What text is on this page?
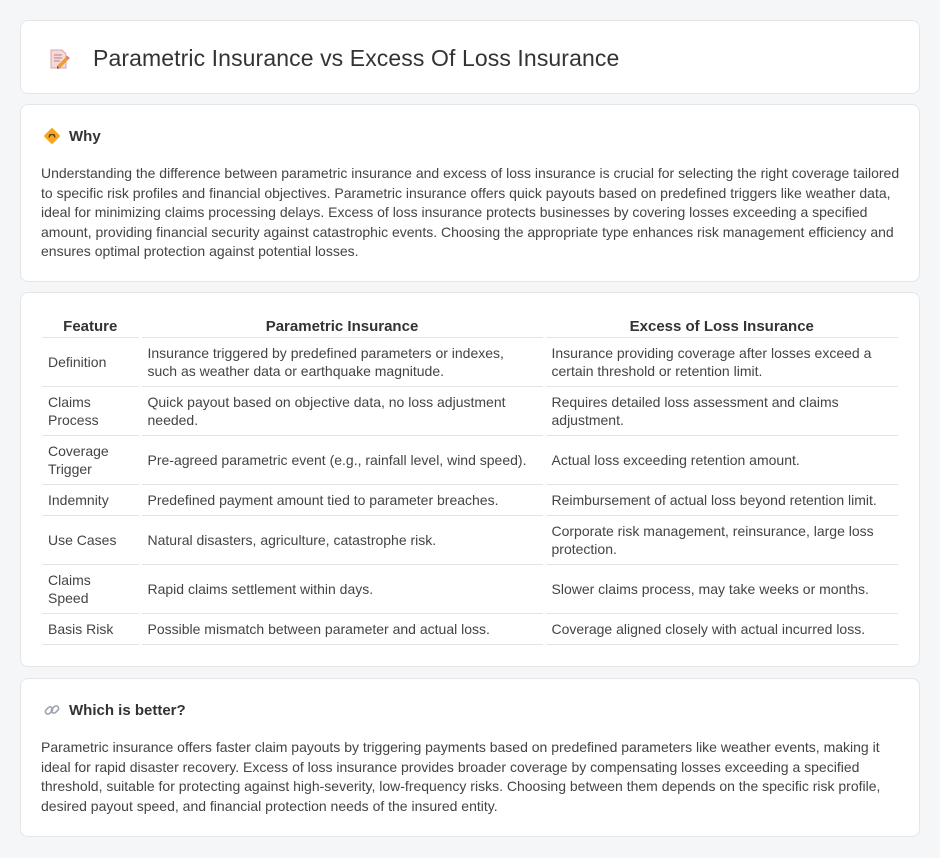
Parametric Insurance vs Excess Of Loss Insurance
Why

Understanding the difference between parametric insurance and excess of loss insurance is crucial for selecting the right coverage tailored to specific risk profiles and financial objectives. Parametric insurance offers quick payouts based on predefined triggers like weather data, ideal for minimizing claims processing delays. Excess of loss insurance protects businesses by covering losses exceeding a specified amount, providing financial security against catastrophic events. Choosing the appropriate type enhances risk management efficiency and ensures optimal protection against potential losses.

Feature	Parametric Insurance	Excess of Loss Insurance
Definition	Insurance triggered by predefined parameters or indexes, such as weather data or earthquake magnitude.	Insurance providing coverage after losses exceed a certain threshold or retention limit.
Claims Process	Quick payout based on objective data, no loss adjustment needed.	Requires detailed loss assessment and claims adjustment.
Coverage Trigger	Pre-agreed parametric event (e.g., rainfall level, wind speed).	Actual loss exceeding retention amount.
Indemnity	Predefined payment amount tied to parameter breaches.	Reimbursement of actual loss beyond retention limit.
Use Cases	Natural disasters, agriculture, catastrophe risk.	Corporate risk management, reinsurance, large loss protection.
Claims Speed	Rapid claims settlement within days.	Slower claims process, may take weeks or months.
Basis Risk	Possible mismatch between parameter and actual loss.	Coverage aligned closely with actual incurred loss.
Which is better?

Parametric insurance offers faster claim payouts by triggering payments based on predefined parameters like weather events, making it ideal for rapid disaster recovery. Excess of loss insurance provides broader coverage by compensating losses exceeding a specified threshold, suitable for protecting against high-severity, low-frequency risks. Choosing between them depends on the specific risk profile, desired payout speed, and financial protection needs of the insured entity.
